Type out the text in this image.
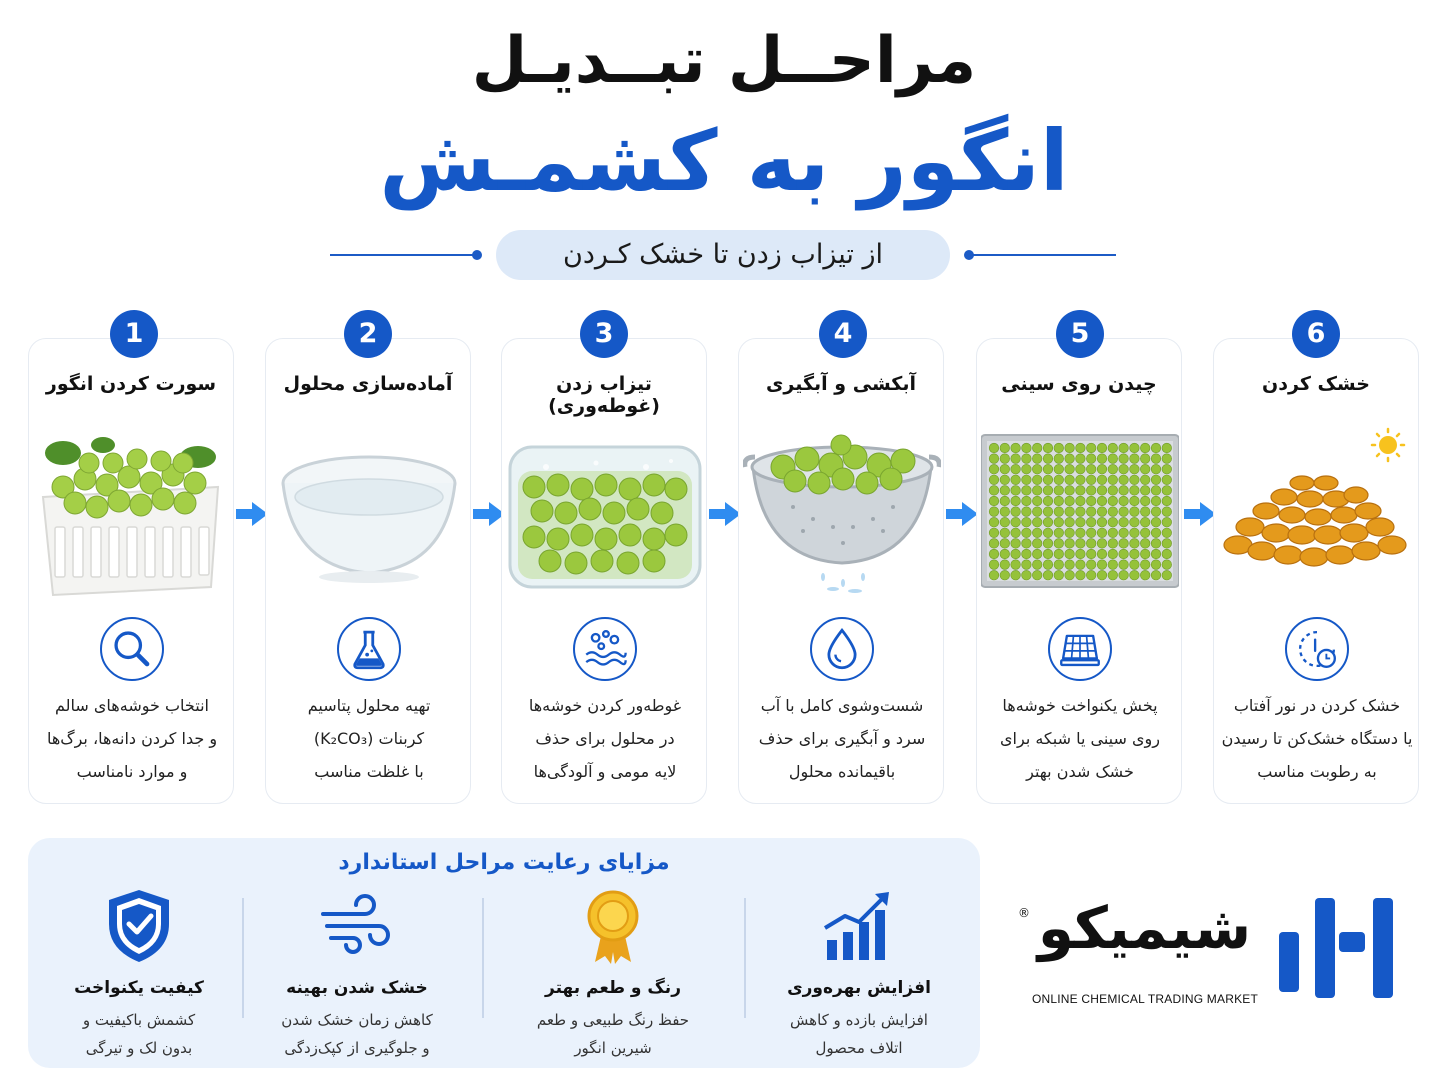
مراحــل تبــدیـل
انگور به کشمـش
از تیزاب زدن تا خشک کـردن
سورت کردن انگور
انتخاب خوشه‌های سالم
و جدا کردن دانه‌ها، برگ‌ها
و موارد نامناسب
1
آماده‌سازی محلول
تهیه محلول پتاسیم
کربنات (K₂CO₃)
با غلظت مناسب
2
تیزاب زدن (غوطه‌وری)
غوطه‌ور کردن خوشه‌ها
در محلول برای حذف
لایه مومی و آلودگی‌ها
3
آبکشی و آبگیری
شست‌وشوی کامل با آب
سرد و آبگیری برای حذف
باقیمانده محلول
4
چیدن روی سینی
پخش یکنواخت خوشه‌ها
روی سینی یا شبکه برای
خشک شدن بهتر
5
خشک کردن
خشک کردن در نور آفتاب
یا دستگاه خشک‌کن تا رسیدن
به رطوبت مناسب
6
مزایای رعایت مراحل استاندارد
افزایش بهره‌وری
افزایش بازده و کاهش
اتلاف محصول
رنگ و طعم بهتر
حفظ رنگ طبیعی و طعم
شیرین انگور
خشک شدن بهینه
کاهش زمان خشک شدن
و جلوگیری از کپک‌زدگی
کیفیت یکنواخت
کشمش باکیفیت و
بدون لک و تیرگی
® شیمیکو
ONLINE CHEMICAL TRADING MARKET
